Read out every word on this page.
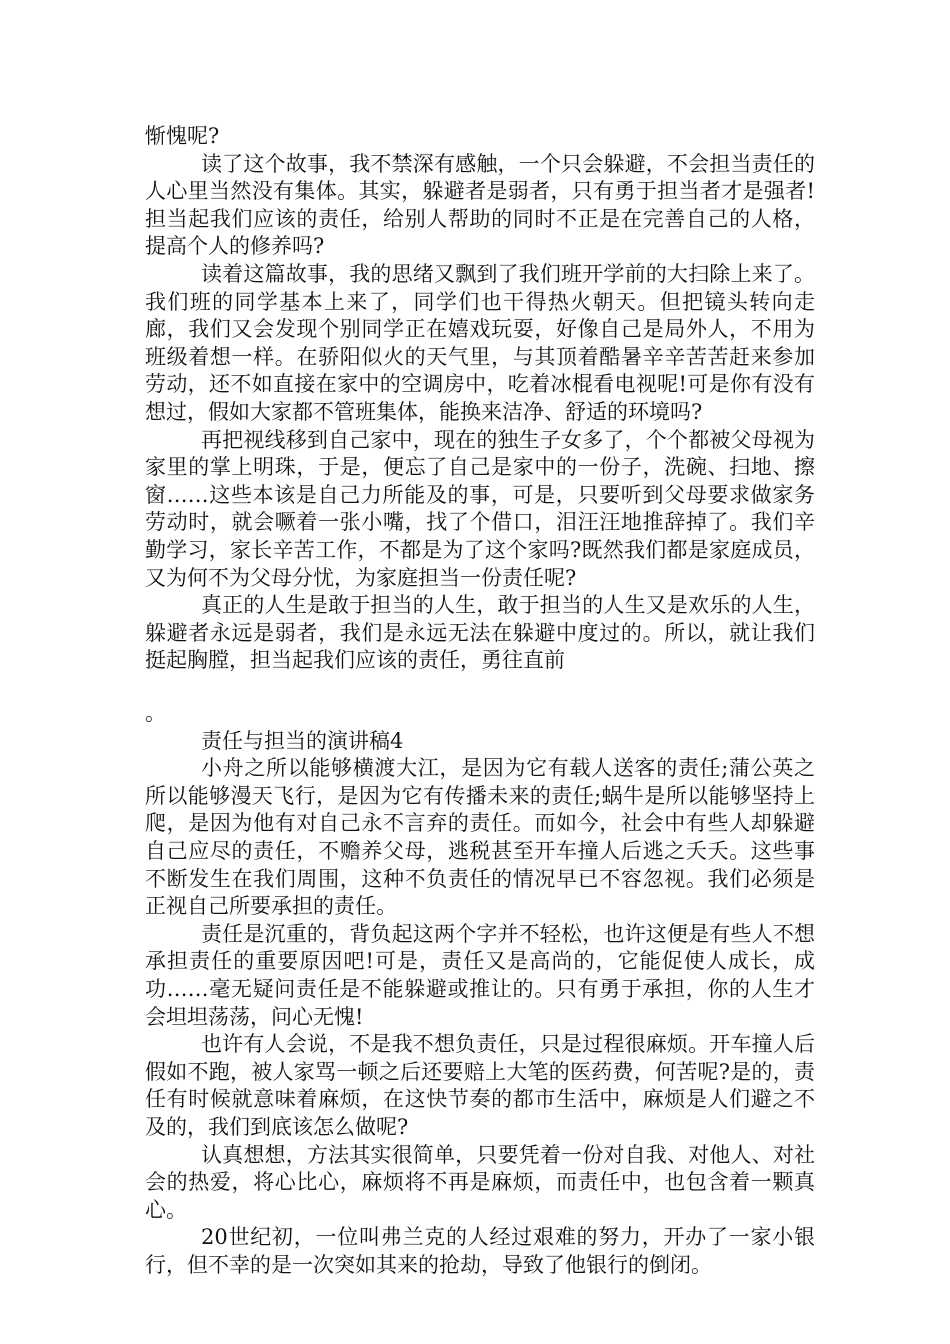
惭愧呢?

读了这个故事，我不禁深有感触，一个只会躲避，不会担当责任的人心里当然没有集体。其实，躲避者是弱者，只有勇于担当者才是强者!担当起我们应该的责任，给别人帮助的同时不正是在完善自己的人格，提高个人的修养吗?

读着这篇故事，我的思绪又飘到了我们班开学前的大扫除上来了。我们班的同学基本上来了，同学们也干得热火朝天。但把镜头转向走廊，我们又会发现个别同学正在嬉戏玩耍，好像自己是局外人，不用为班级着想一样。在骄阳似火的天气里，与其顶着酷暑辛辛苦苦赶来参加劳动，还不如直接在家中的空调房中，吃着冰棍看电视呢!可是你有没有想过，假如大家都不管班集体，能换来洁净、舒适的环境吗?

再把视线移到自己家中，现在的独生子女多了，个个都被父母视为家里的掌上明珠，于是，便忘了自己是家中的一份子，洗碗、扫地、擦窗……这些本该是自己力所能及的事，可是，只要听到父母要求做家务劳动时，就会噘着一张小嘴，找了个借口，泪汪汪地推辞掉了。我们辛勤学习，家长辛苦工作，不都是为了这个家吗?既然我们都是家庭成员，又为何不为父母分忧，为家庭担当一份责任呢?

真正的人生是敢于担当的人生，敢于担当的人生又是欢乐的人生，躲避者永远是弱者，我们是永远无法在躲避中度过的。所以，就让我们挺起胸膛，担当起我们应该的责任，勇往直前

。

责任与担当的演讲稿4

小舟之所以能够横渡大江，是因为它有载人送客的责任;蒲公英之所以能够漫天飞行，是因为它有传播未来的责任;蜗牛是所以能够坚持上爬，是因为他有对自己永不言弃的责任。而如今，社会中有些人却躲避自己应尽的责任，不赡养父母，逃税甚至开车撞人后逃之夭夭。这些事不断发生在我们周围，这种不负责任的情况早已不容忽视。我们必须是正视自己所要承担的责任。

责任是沉重的，背负起这两个字并不轻松，也许这便是有些人不想承担责任的重要原因吧!可是，责任又是高尚的，它能促使人成长，成功……毫无疑问责任是不能躲避或推让的。只有勇于承担，你的人生才会坦坦荡荡，问心无愧!

也许有人会说，不是我不想负责任，只是过程很麻烦。开车撞人后假如不跑，被人家骂一顿之后还要赔上大笔的医药费，何苦呢?是的，责任有时候就意味着麻烦，在这快节奏的都市生活中，麻烦是人们避之不及的，我们到底该怎么做呢?

认真想想，方法其实很简单，只要凭着一份对自我、对他人、对社会的热爱，将心比心，麻烦将不再是麻烦，而责任中，也包含着一颗真心。

20世纪初，一位叫弗兰克的人经过艰难的努力，开办了一家小银行，但不幸的是一次突如其来的抢劫，导致了他银行的倒闭。
